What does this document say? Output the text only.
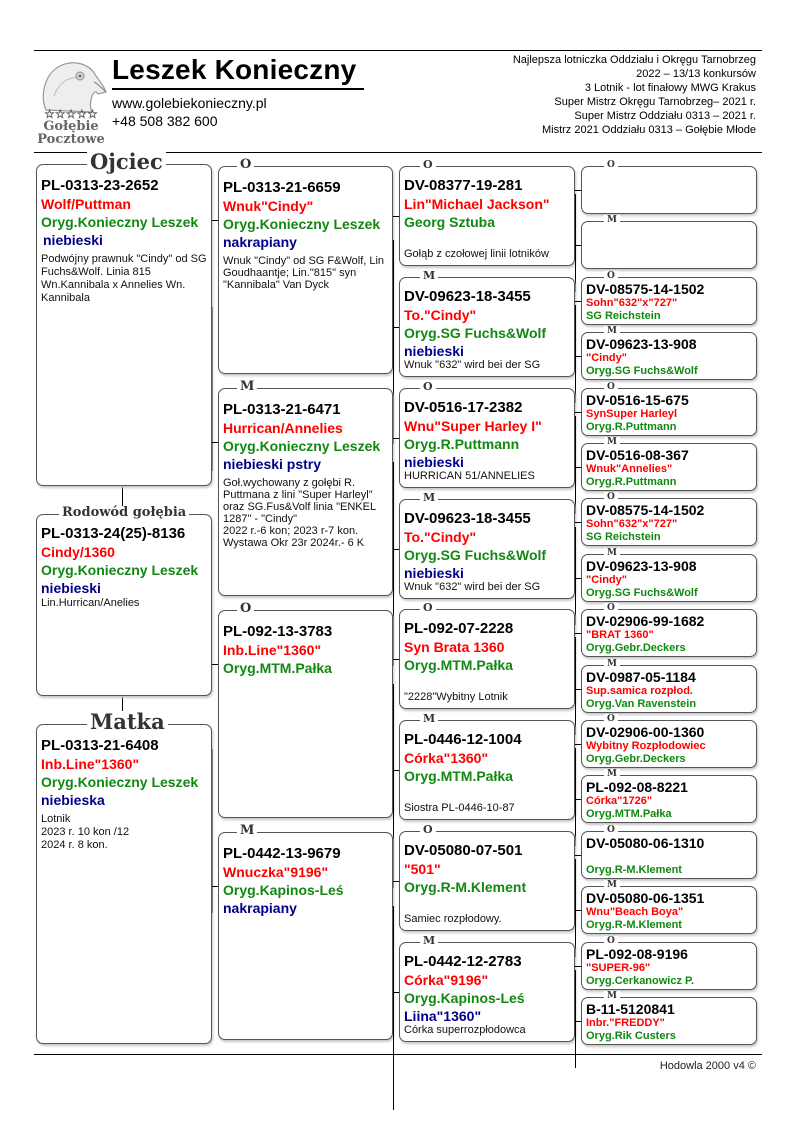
☆☆☆☆☆
Gołębie
Pocztowe
Leszek Konieczny
www.golebiekonieczny.pl
+48 508 382 600
Najlepsza lotniczka Oddziału i Okręgu Tarnobrzeg
2022 – 13/13 konkursów
3 Lotnik - lot finałowy MWG Krakus
Super Mistrz Okręgu Tarnobrzeg– 2021 r.
Super Mistrz Oddziału 0313 – 2021 r.
Mistrz 2021 Oddziału 0313 – Gołębie Młode
Ojciec
PL-0313-23-2652
Wolf/Puttman
Oryg.Konieczny Leszek
niebieski
Podwójny prawnuk "Cindy" od SG Fuchs&Wolf. Linia 815 Wn.Kannibala x Annelies Wn. Kannibala
Rodowód gołębia
PL-0313-24(25)-8136
Cindy/1360
Oryg.Konieczny Leszek
niebieski
Lin.Hurrican/Anelies
Matka
PL-0313-21-6408
Inb.Line"1360"
Oryg.Konieczny Leszek
niebieska
Lotnik
2023 r. 10 kon /12
2024 r. 8 kon.
O
PL-0313-21-6659
Wnuk"Cindy"
Oryg.Konieczny Leszek
nakrapiany
Wnuk "Cindy" od SG F&Wolf, Lin Goudhaantje; Lin."815" syn "Kannibala" Van Dyck
M
PL-0313-21-6471
Hurrican/Annelies
Oryg.Konieczny Leszek
niebieski pstry
Goł.wychowany z gołębi R. Puttmana z lini "Super Harleyl" oraz SG.Fus&Volf linia "ENKEL
1287" - "Cindy"
2022 r.-6 kon; 2023 r-7 kon.
Wystawa Okr 23r 2024r.- 6 K
O
PL-092-13-3783
Inb.Line"1360"
Oryg.MTM.Pałka
M
PL-0442-13-9679
Wnuczka"9196"
Oryg.Kapinos-Leś
nakrapiany
O
DV-08377-19-281
Lin"Michael Jackson"
Georg Sztuba
Gołąb z czołowej linii lotników
M
DV-09623-18-3455
To."Cindy"
Oryg.SG Fuchs&Wolf
niebieski
Wnuk "632" wird bei der SG
O
DV-0516-17-2382
Wnu"Super Harley I"
Oryg.R.Puttmann
niebieski
HURRICAN 51/ANNELIES
M
DV-09623-18-3455
To."Cindy"
Oryg.SG Fuchs&Wolf
niebieski
Wnuk "632" wird bei der SG
O
PL-092-07-2228
Syn Brata 1360
Oryg.MTM.Pałka
"2228"Wybitny Lotnik
M
PL-0446-12-1004
Córka"1360"
Oryg.MTM.Pałka
Siostra PL-0446-10-87
O
DV-05080-07-501
"501"
Oryg.R-M.Klement
Samiec rozpłodowy.
M
PL-0442-12-2783
Córka"9196"
Oryg.Kapinos-Leś
Liina"1360"
Córka superrozpłodowca
O
M
O
DV-08575-14-1502
Sohn"632"x"727"
SG Reichstein
M
DV-09623-13-908
"Cindy"
Oryg.SG Fuchs&Wolf
O
DV-0516-15-675
SynSuper Harleyl
Oryg.R.Puttmann
M
DV-0516-08-367
Wnuk"Annelies"
Oryg.R.Puttmann
O
DV-08575-14-1502
Sohn"632"x"727"
SG Reichstein
M
DV-09623-13-908
"Cindy"
Oryg.SG Fuchs&Wolf
O
DV-02906-99-1682
"BRAT 1360"
Oryg.Gebr.Deckers
M
DV-0987-05-1184
Sup.samica rozpłod.
Oryg.Van Ravenstein
O
DV-02906-00-1360
Wybitny Rozpłodowiec
Oryg.Gebr.Deckers
M
PL-092-08-8221
Córka"1726"
Oryg.MTM.Pałka
O
DV-05080-06-1310
Oryg.R-M.Klement
M
DV-05080-06-1351
Wnu"Beach Boya"
Oryg.R-M.Klement
O
PL-092-08-9196
"SUPER-96"
Oryg.Cerkanowicz P.
M
B-11-5120841
Inbr."FREDDY"
Oryg.Rik Custers
Hodowla 2000 v4 ©
